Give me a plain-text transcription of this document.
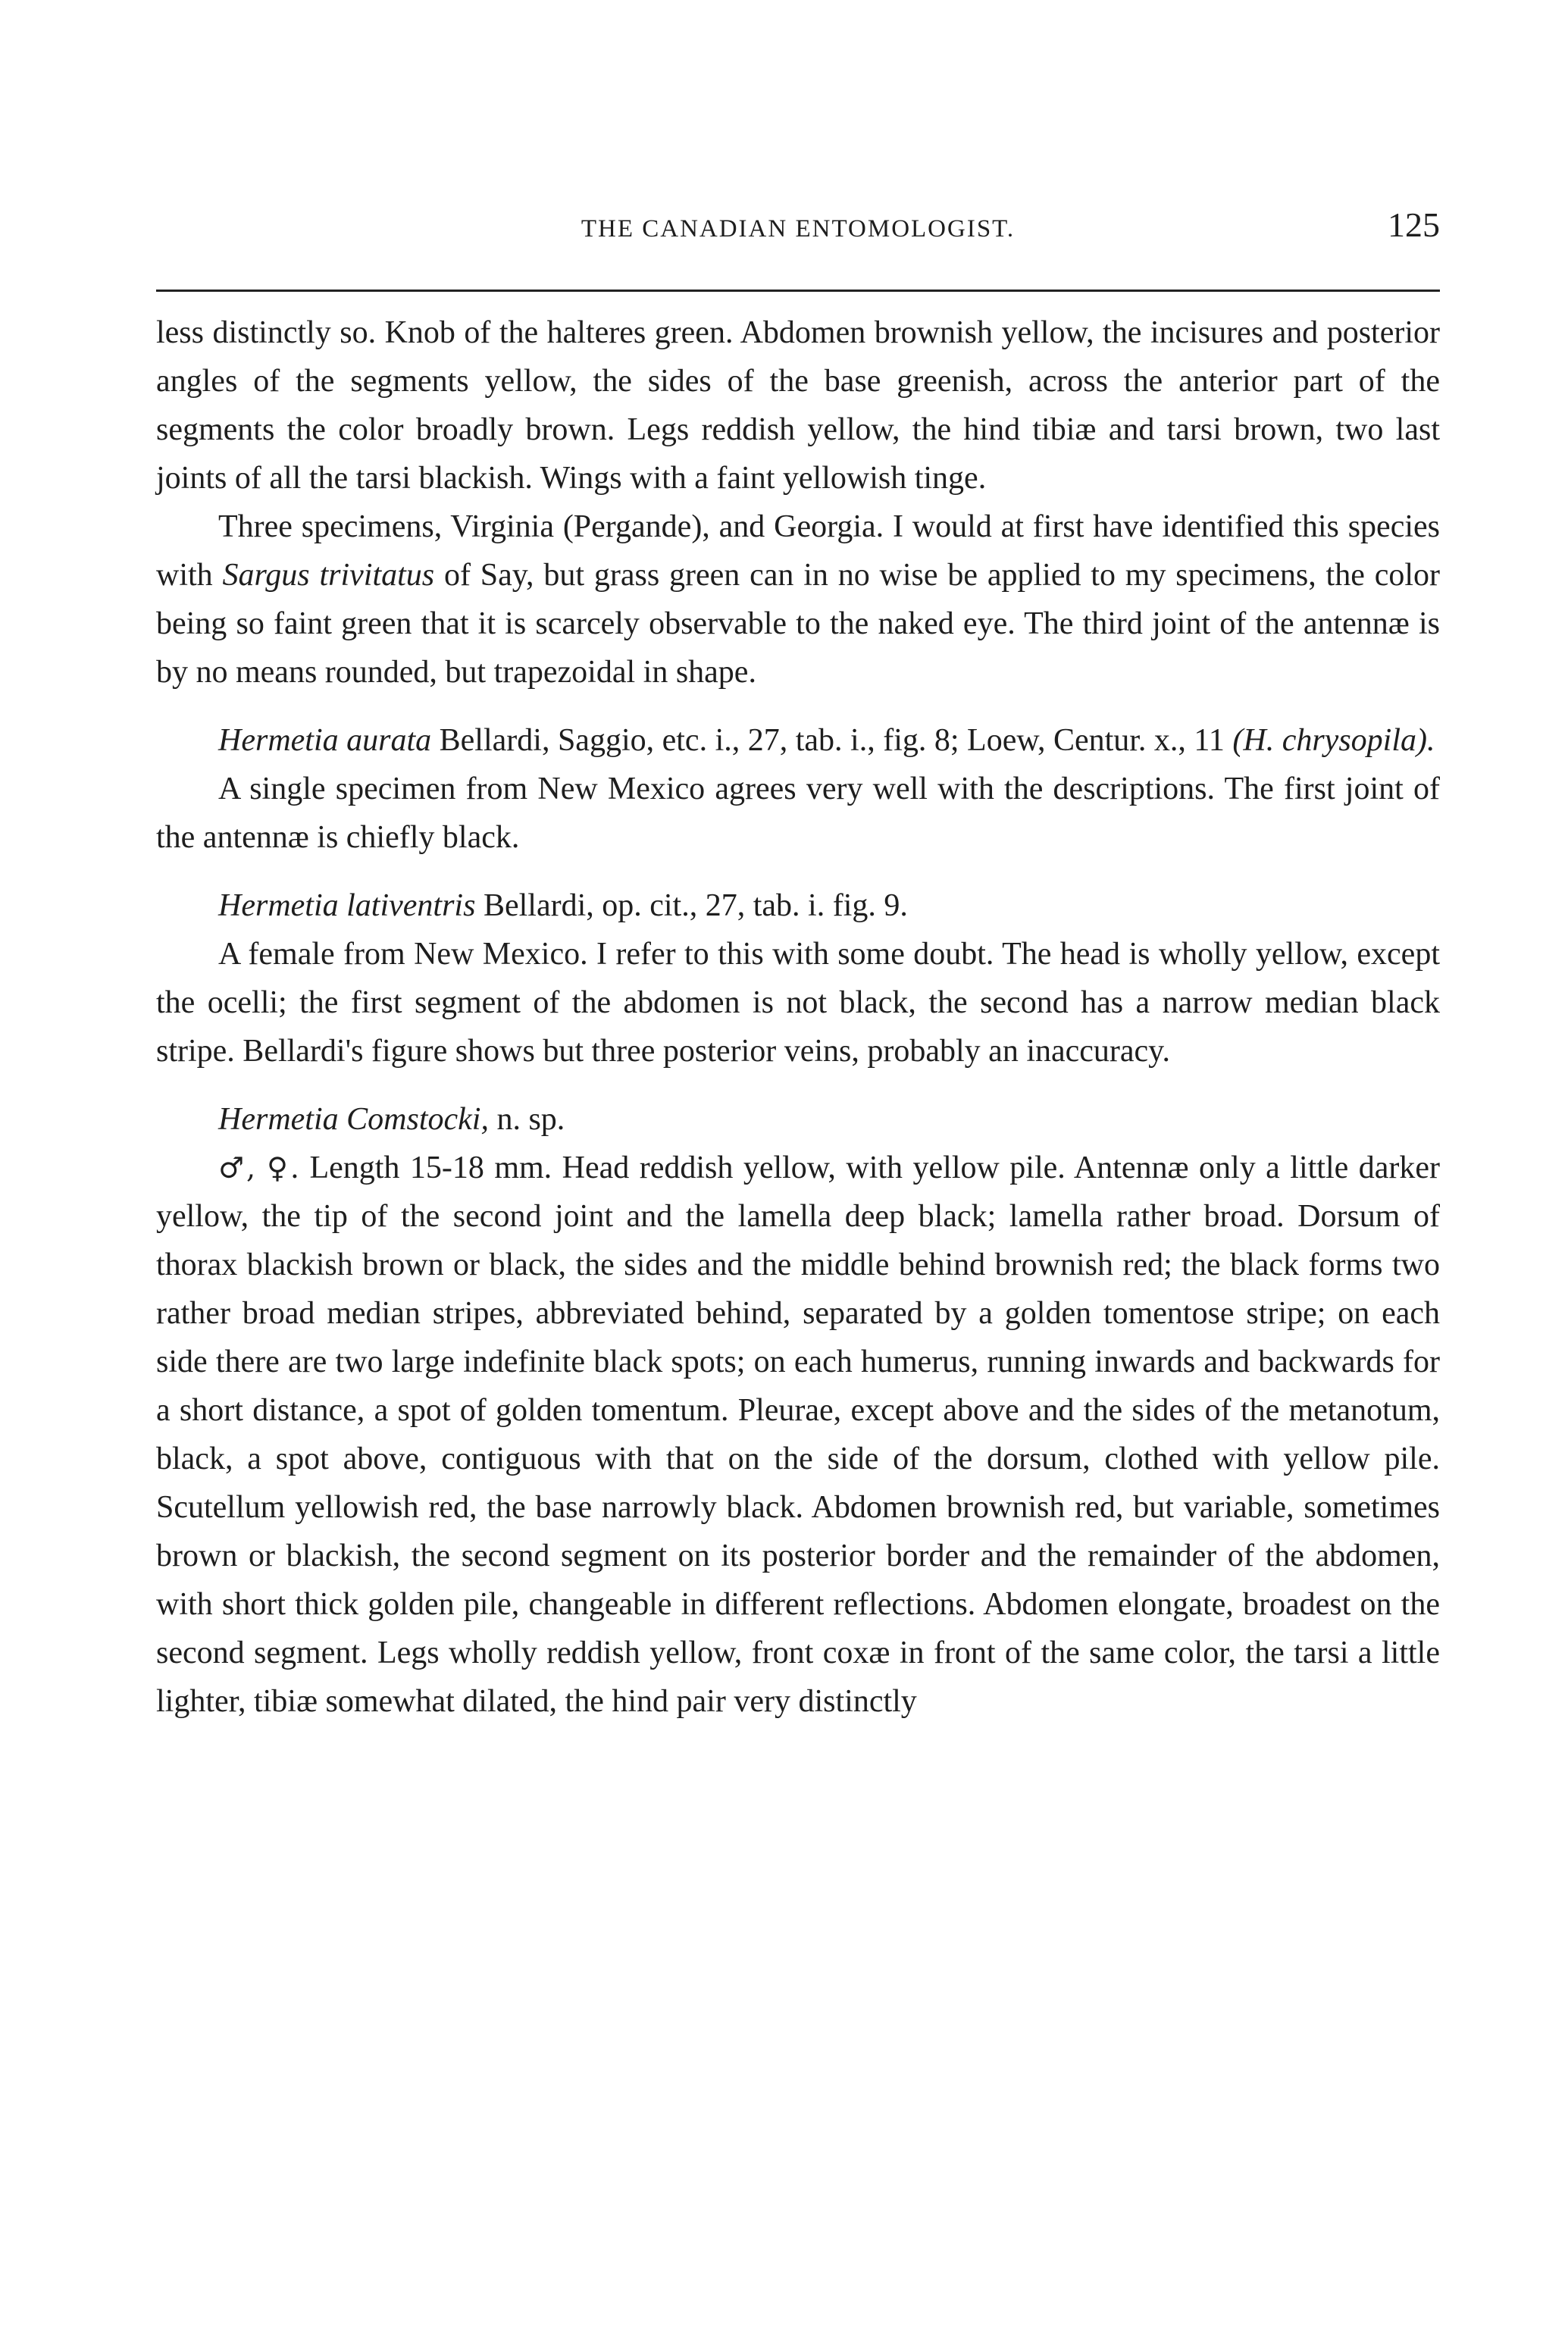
THE CANADIAN ENTOMOLOGIST.	125

less distinctly so. Knob of the halteres green. Abdomen brownish yellow, the incisures and posterior angles of the segments yellow, the sides of the base greenish, across the anterior part of the segments the color broadly brown. Legs reddish yellow, the hind tibiæ and tarsi brown, two last joints of all the tarsi blackish. Wings with a faint yellowish tinge.

Three specimens, Virginia (Pergande), and Georgia. I would at first have identified this species with Sargus trivitatus of Say, but grass green can in no wise be applied to my specimens, the color being so faint green that it is scarcely observable to the naked eye. The third joint of the antennæ is by no means rounded, but trapezoidal in shape.

Hermetia aurata Bellardi, Saggio, etc. i., 27, tab. i., fig. 8; Loew, Centur. x., 11 (H. chrysopila).

A single specimen from New Mexico agrees very well with the descriptions. The first joint of the antennæ is chiefly black.

Hermetia lativentris Bellardi, op. cit., 27, tab. i. fig. 9.

A female from New Mexico. I refer to this with some doubt. The head is wholly yellow, except the ocelli; the first segment of the abdomen is not black, the second has a narrow median black stripe. Bellardi's figure shows but three posterior veins, probably an inaccuracy.

Hermetia Comstocki, n. sp.

♂, ♀. Length 15-18 mm. Head reddish yellow, with yellow pile. Antennæ only a little darker yellow, the tip of the second joint and the lamella deep black; lamella rather broad. Dorsum of thorax blackish brown or black, the sides and the middle behind brownish red; the black forms two rather broad median stripes, abbreviated behind, separated by a golden tomentose stripe; on each side there are two large indefinite black spots; on each humerus, running inwards and backwards for a short distance, a spot of golden tomentum. Pleurae, except above and the sides of the metanotum, black, a spot above, contiguous with that on the side of the dorsum, clothed with yellow pile. Scutellum yellowish red, the base narrowly black. Abdomen brownish red, but variable, sometimes brown or blackish, the second segment on its posterior border and the remainder of the abdomen, with short thick golden pile, changeable in different reflections. Abdomen elongate, broadest on the second segment. Legs wholly reddish yellow, front coxæ in front of the same color, the tarsi a little lighter, tibiæ somewhat dilated, the hind pair very distinctly
